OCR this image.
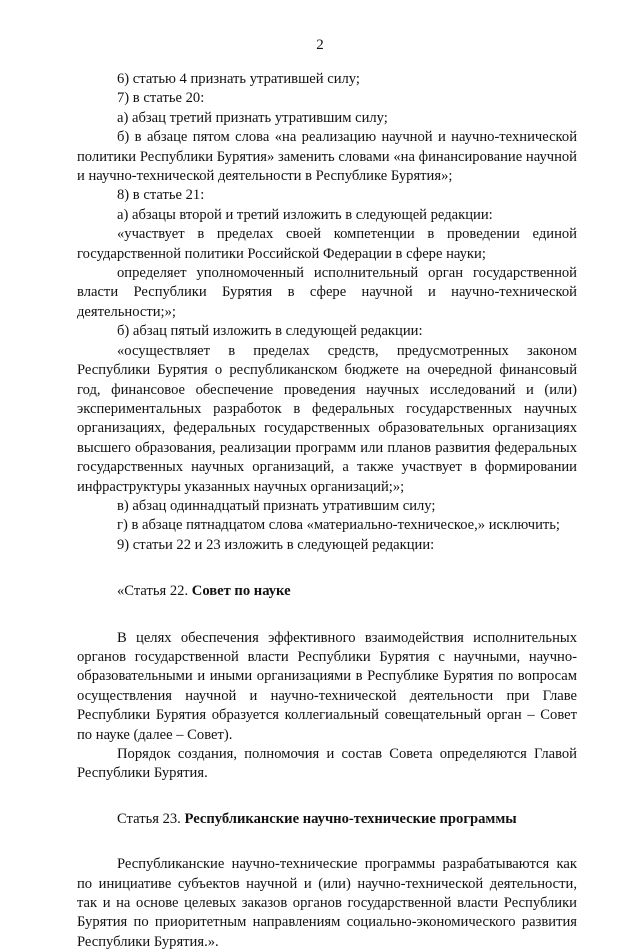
2

6) статью 4 признать утратившей силу;

7) в статье 20:

а) абзац третий признать утратившим силу;

б) в абзаце пятом слова «на реализацию научной и научно-технической политики Республики Бурятия» заменить словами «на финансирование научной и научно-технической деятельности в Республике Бурятия»;

8) в статье 21:

а) абзацы второй и третий изложить в следующей редакции:

«участвует в пределах своей компетенции в проведении единой государственной политики Российской Федерации в сфере науки;

определяет уполномоченный исполнительный орган государственной власти Республики Бурятия в сфере научной и научно-технической деятельности;»;

б) абзац пятый изложить в следующей редакции:

«осуществляет в пределах средств, предусмотренных законом Республики Бурятия о республиканском бюджете на очередной финансовый год, финансовое обеспечение проведения научных исследований и (или) экспериментальных разработок в федеральных государственных научных организациях, федеральных государственных образовательных организациях высшего образования, реализации программ или планов развития федеральных государственных научных организаций, а также участвует в формировании инфраструктуры указанных научных организаций;»;

в) абзац одиннадцатый признать утратившим силу;

г) в абзаце пятнадцатом слова «материально-техническое,» исключить;

9) статьи 22 и 23 изложить в следующей редакции:

«Статья 22. Совет по науке

В целях обеспечения эффективного взаимодействия исполнительных органов государственной власти Республики Бурятия с научными, научно-образовательными и иными организациями в Республике Бурятия по вопросам осуществления научной и научно-технической деятельности при Главе Республики Бурятия образуется коллегиальный совещательный орган – Совет по науке (далее – Совет).

Порядок создания, полномочия и состав Совета определяются Главой Республики Бурятия.

Статья 23. Республиканские научно-технические программы

Республиканские научно-технические программы разрабатываются как по инициативе субъектов научной и (или) научно-технической деятельности, так и на основе целевых заказов органов государственной власти Республики Бурятия по приоритетным направлениям социально-экономического развития Республики Бурятия.».
